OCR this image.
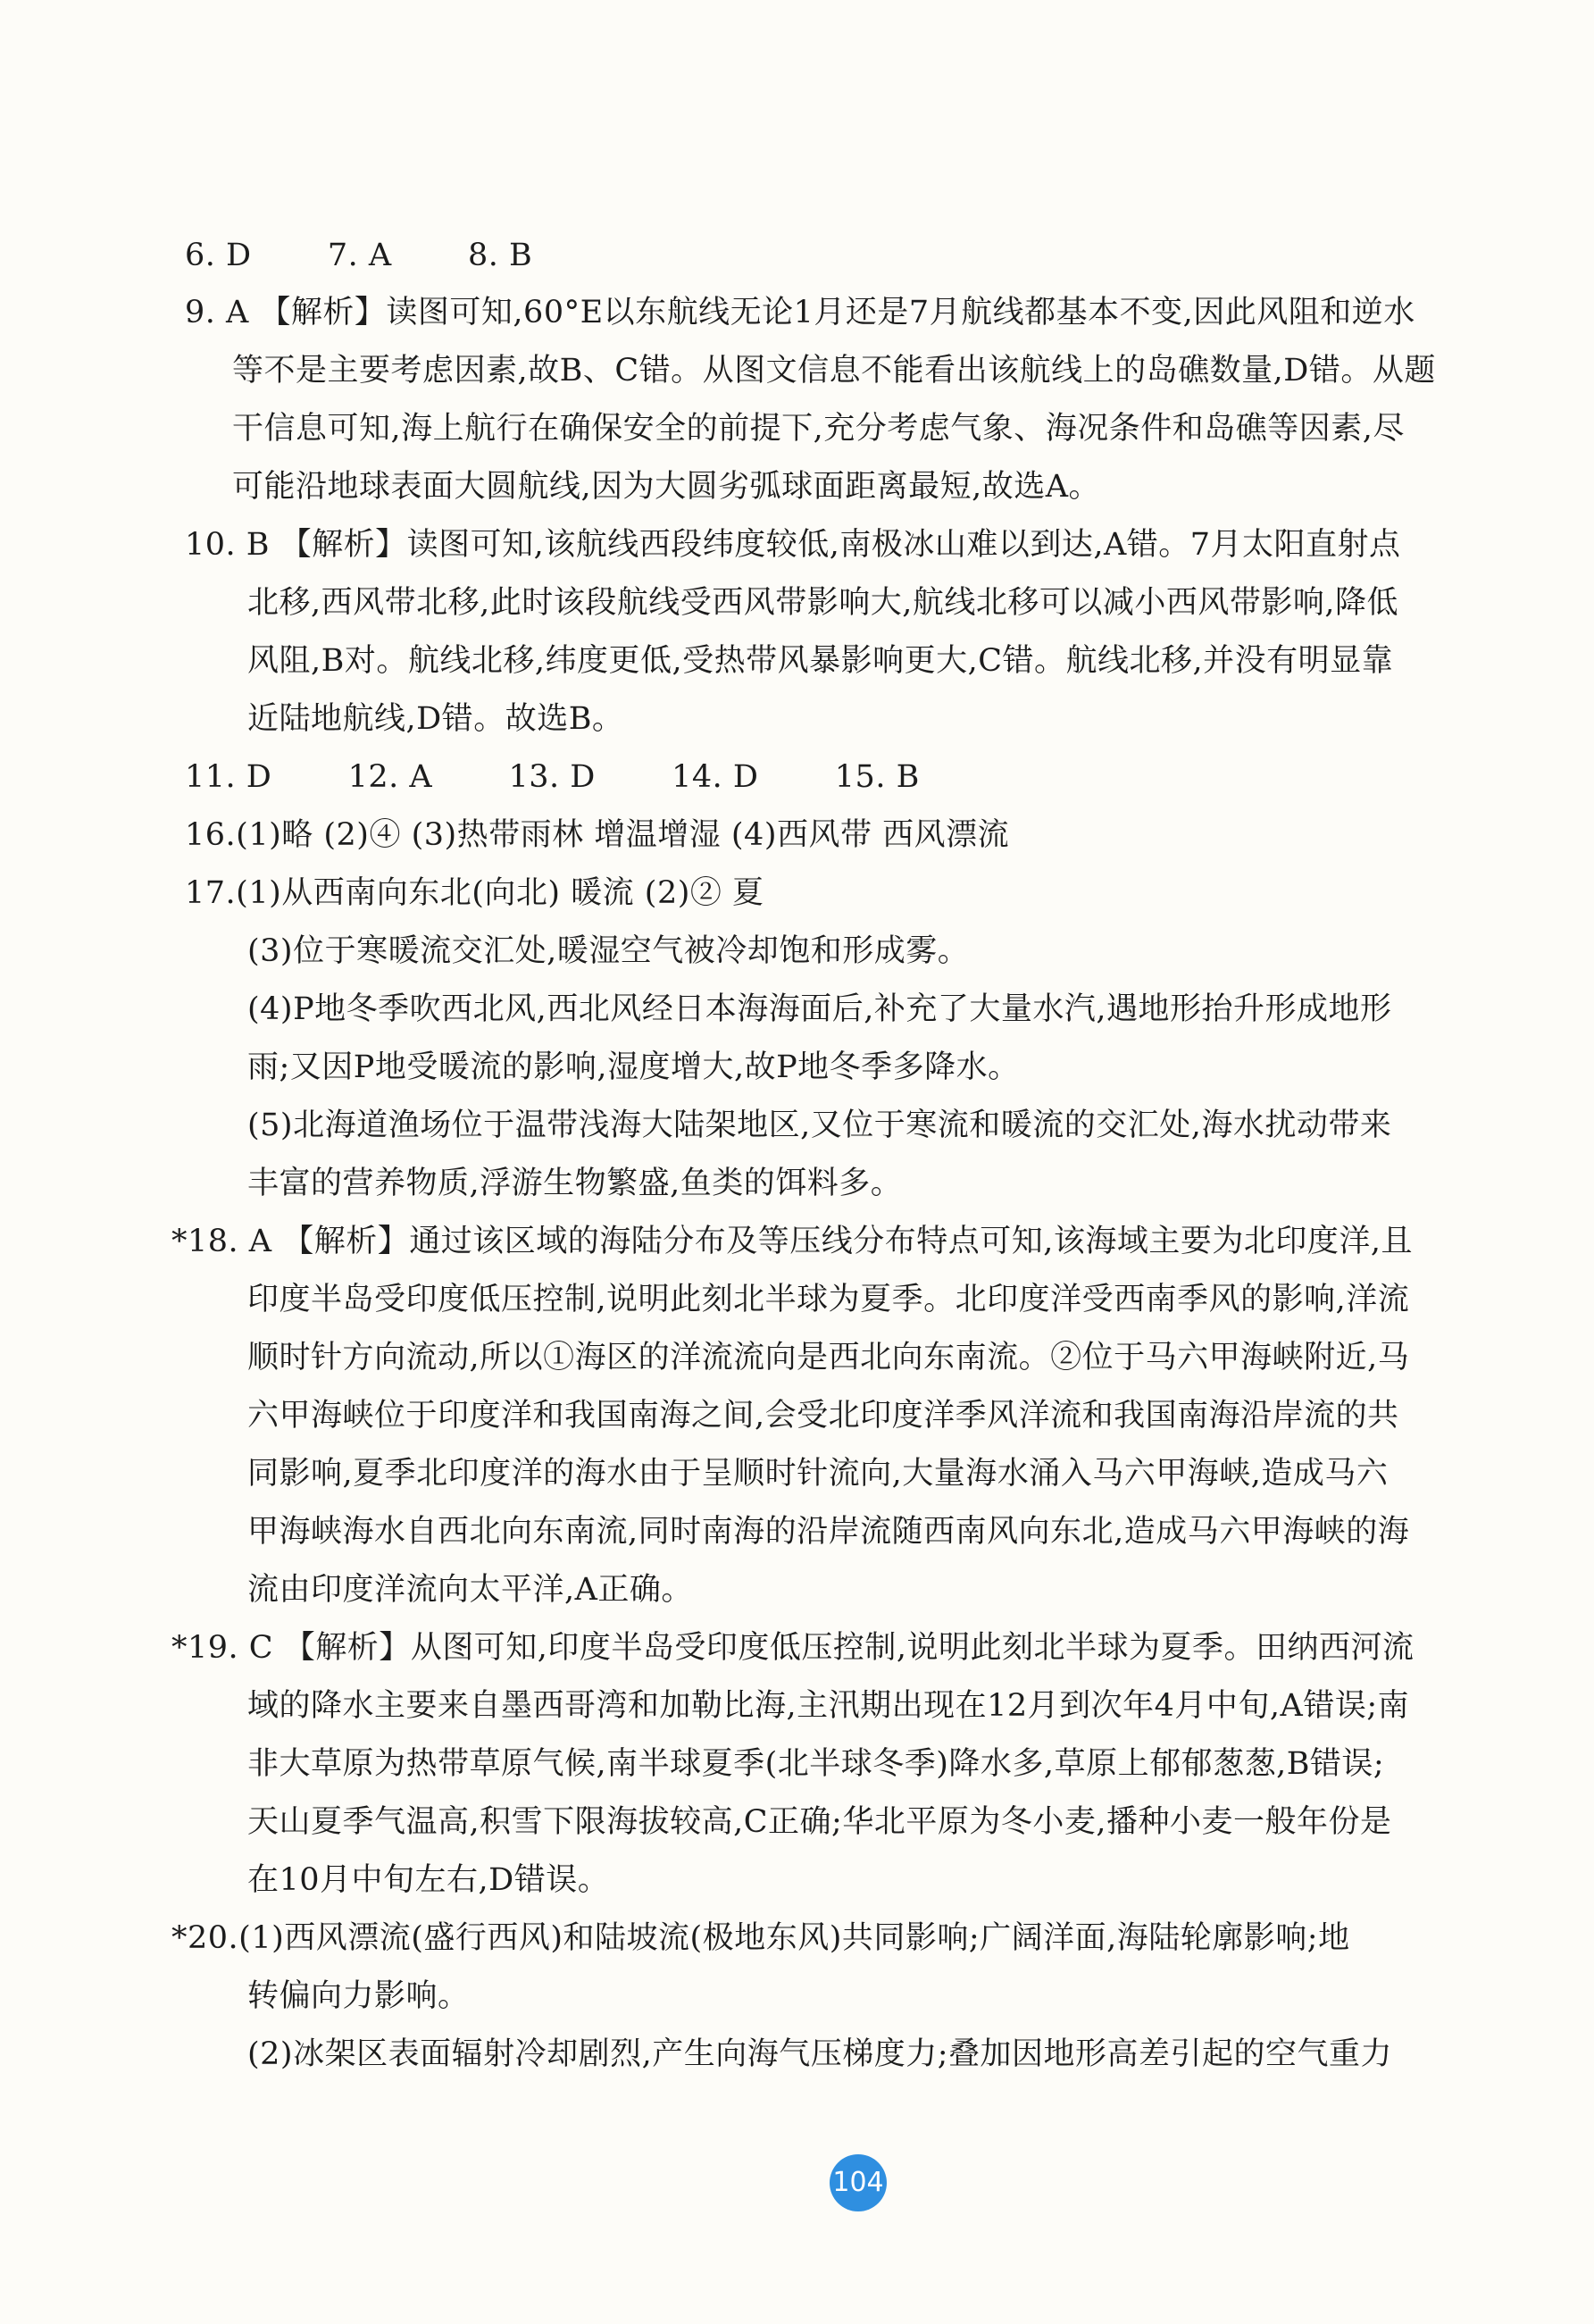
6. D 7. A 8. B
9. A 【解析】读图可知,60°E以东航线无论1月还是7月航线都基本不变,因此风阻和逆水
等不是主要考虑因素,故B、C错。从图文信息不能看出该航线上的岛礁数量,D错。从题
干信息可知,海上航行在确保安全的前提下,充分考虑气象、海况条件和岛礁等因素,尽
可能沿地球表面大圆航线,因为大圆劣弧球面距离最短,故选A。
10. B 【解析】读图可知,该航线西段纬度较低,南极冰山难以到达,A错。7月太阳直射点
北移,西风带北移,此时该段航线受西风带影响大,航线北移可以减小西风带影响,降低
风阻,B对。航线北移,纬度更低,受热带风暴影响更大,C错。航线北移,并没有明显靠
近陆地航线,D错。故选B。
11. D 12. A 13. D 14. D 15. B
16.(1)略 (2)④ (3)热带雨林 增温增湿 (4)西风带 西风漂流
17.(1)从西南向东北(向北) 暖流 (2)② 夏
(3)位于寒暖流交汇处,暖湿空气被冷却饱和形成雾。
(4)P地冬季吹西北风,西北风经日本海海面后,补充了大量水汽,遇地形抬升形成地形
雨;又因P地受暖流的影响,湿度增大,故P地冬季多降水。
(5)北海道渔场位于温带浅海大陆架地区,又位于寒流和暖流的交汇处,海水扰动带来
丰富的营养物质,浮游生物繁盛,鱼类的饵料多。
*18. A 【解析】通过该区域的海陆分布及等压线分布特点可知,该海域主要为北印度洋,且
印度半岛受印度低压控制,说明此刻北半球为夏季。北印度洋受西南季风的影响,洋流
顺时针方向流动,所以①海区的洋流流向是西北向东南流。②位于马六甲海峡附近,马
六甲海峡位于印度洋和我国南海之间,会受北印度洋季风洋流和我国南海沿岸流的共
同影响,夏季北印度洋的海水由于呈顺时针流向,大量海水涌入马六甲海峡,造成马六
甲海峡海水自西北向东南流,同时南海的沿岸流随西南风向东北,造成马六甲海峡的海
流由印度洋流向太平洋,A正确。
*19. C 【解析】从图可知,印度半岛受印度低压控制,说明此刻北半球为夏季。田纳西河流
域的降水主要来自墨西哥湾和加勒比海,主汛期出现在12月到次年4月中旬,A错误;南
非大草原为热带草原气候,南半球夏季(北半球冬季)降水多,草原上郁郁葱葱,B错误;
天山夏季气温高,积雪下限海拔较高,C正确;华北平原为冬小麦,播种小麦一般年份是
在10月中旬左右,D错误。
*20.(1)西风漂流(盛行西风)和陆坡流(极地东风)共同影响;广阔洋面,海陆轮廓影响;地
转偏向力影响。
(2)冰架区表面辐射冷却剧烈,产生向海气压梯度力;叠加因地形高差引起的空气重力
104
